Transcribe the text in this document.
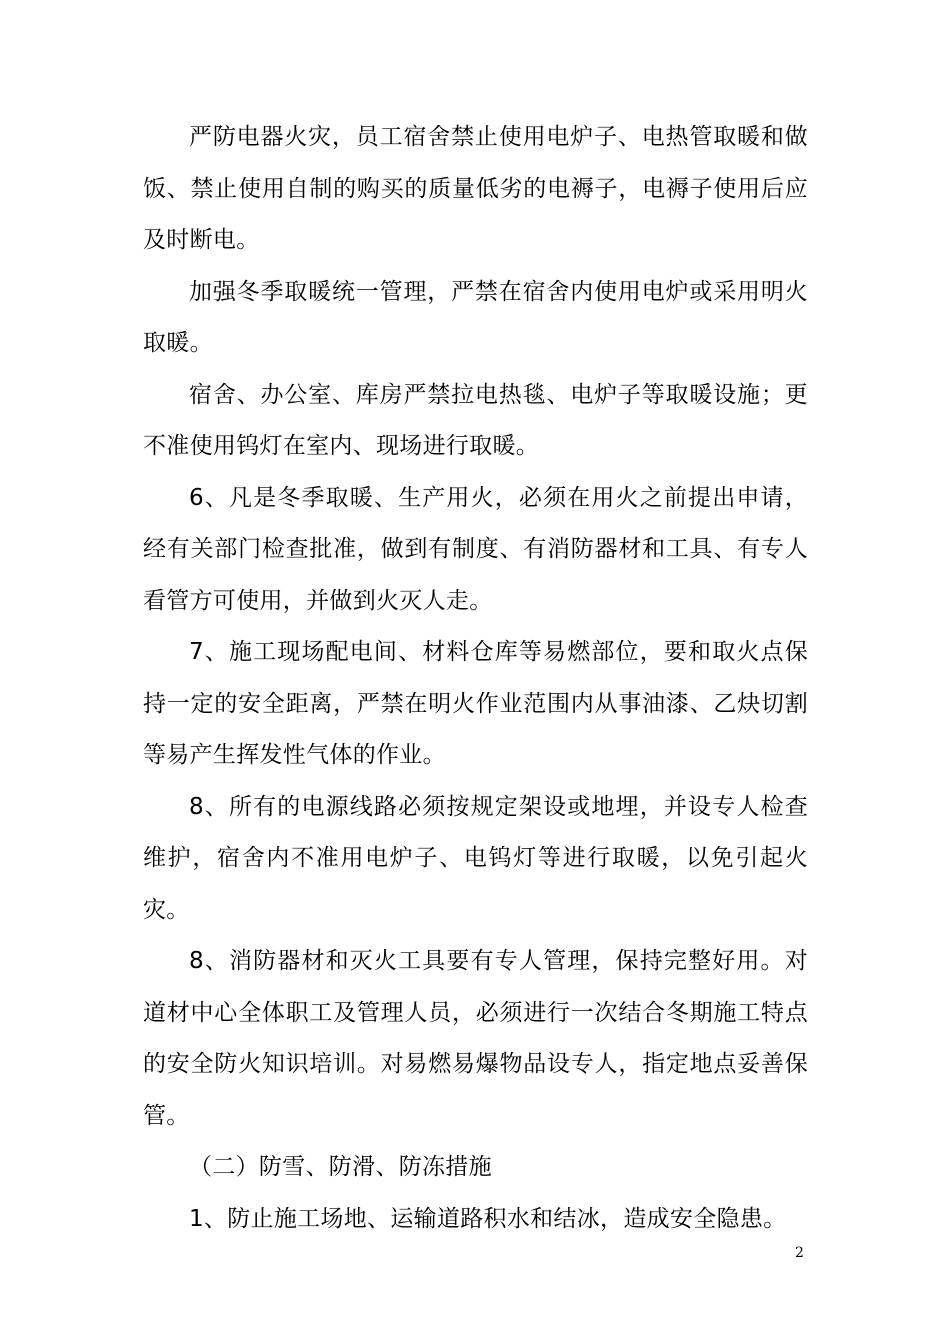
严防电器火灾，员工宿舍禁止使用电炉子、电热管取暖和做饭、禁止使用自制的购买的质量低劣的电褥子，电褥子使用后应及时断电。

加强冬季取暖统一管理，严禁在宿舍内使用电炉或采用明火取暖。

宿舍、办公室、库房严禁拉电热毯、电炉子等取暖设施；更不准使用钨灯在室内、现场进行取暖。

6、凡是冬季取暖、生产用火，必须在用火之前提出申请，经有关部门检查批准，做到有制度、有消防器材和工具、有专人看管方可使用，并做到火灭人走。

7、施工现场配电间、材料仓库等易燃部位，要和取火点保持一定的安全距离，严禁在明火作业范围内从事油漆、乙炔切割等易产生挥发性气体的作业。

8、所有的电源线路必须按规定架设或地埋，并设专人检查维护，宿舍内不准用电炉子、电钨灯等进行取暖，以免引起火灾。

8、消防器材和灭火工具要有专人管理，保持完整好用。对道材中心全体职工及管理人员，必须进行一次结合冬期施工特点的安全防火知识培训。对易燃易爆物品设专人，指定地点妥善保管。

（二）防雪、防滑、防冻措施

1、防止施工场地、运输道路积水和结冰，造成安全隐患。

2
